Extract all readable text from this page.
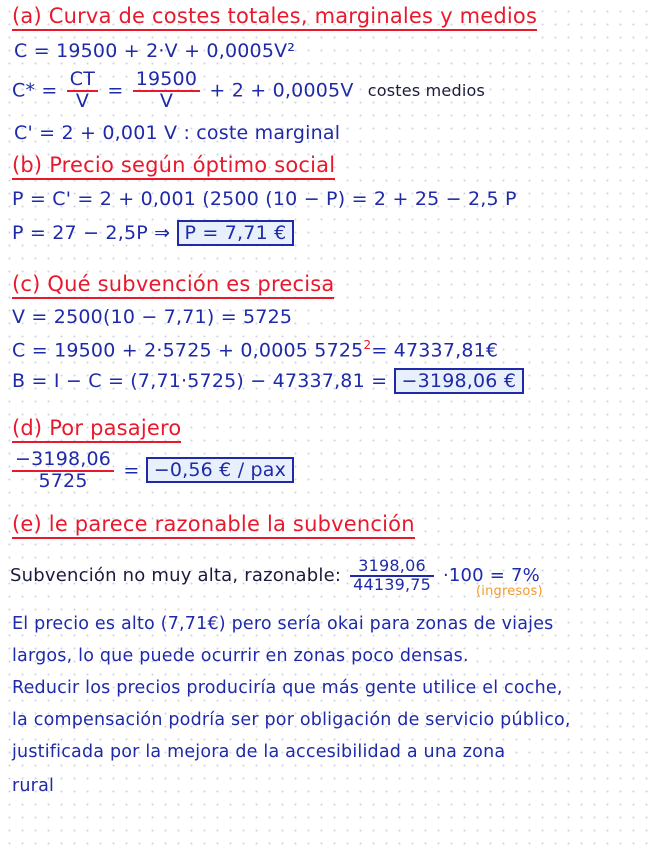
(a) Curva de costes totales, marginales y medios
C = 19500 + 2·V + 0,0005V²
$C* = \frac{CT}{V} = \frac{19500}{V} + 2 + 0,0005V$ costes medios
C' = 2 + 0,001 V : coste marginal
(b) Precio según óptimo social
P = C' = 2 + 0,001 (2500 (10 − P) = 2 + 25 − 2,5 P
P = 27 − 2,5P ⇒ P = 7,71 €
(c) Qué subvención es precisa
V = 2500(10 − 7,71) = 5725
C = 19500 + 2·5725 + 0,0005 $5725^2=$ 47337,81€
B = I − C = (7,71·5725) − 47337,81 = −3198,06 €
(d) Por pasajero
$\frac{-3198,06}{5725} = -0,56$ € / pax
(e) le parece razonable la subvención
Subvención no muy alta, razonable: $\frac{3198,06}{44139,75} \cdot 100 = 7\%$
(ingresos)
El precio es alto (7,71€) pero sería okai para zonas de viajes
largos, lo que puede ocurrir en zonas poco densas.
Reducir los precios produciría que más gente utilice el coche,
la compensación podría ser por obligación de servicio público,
justificada por la mejora de la accesibilidad a una zona
rural
